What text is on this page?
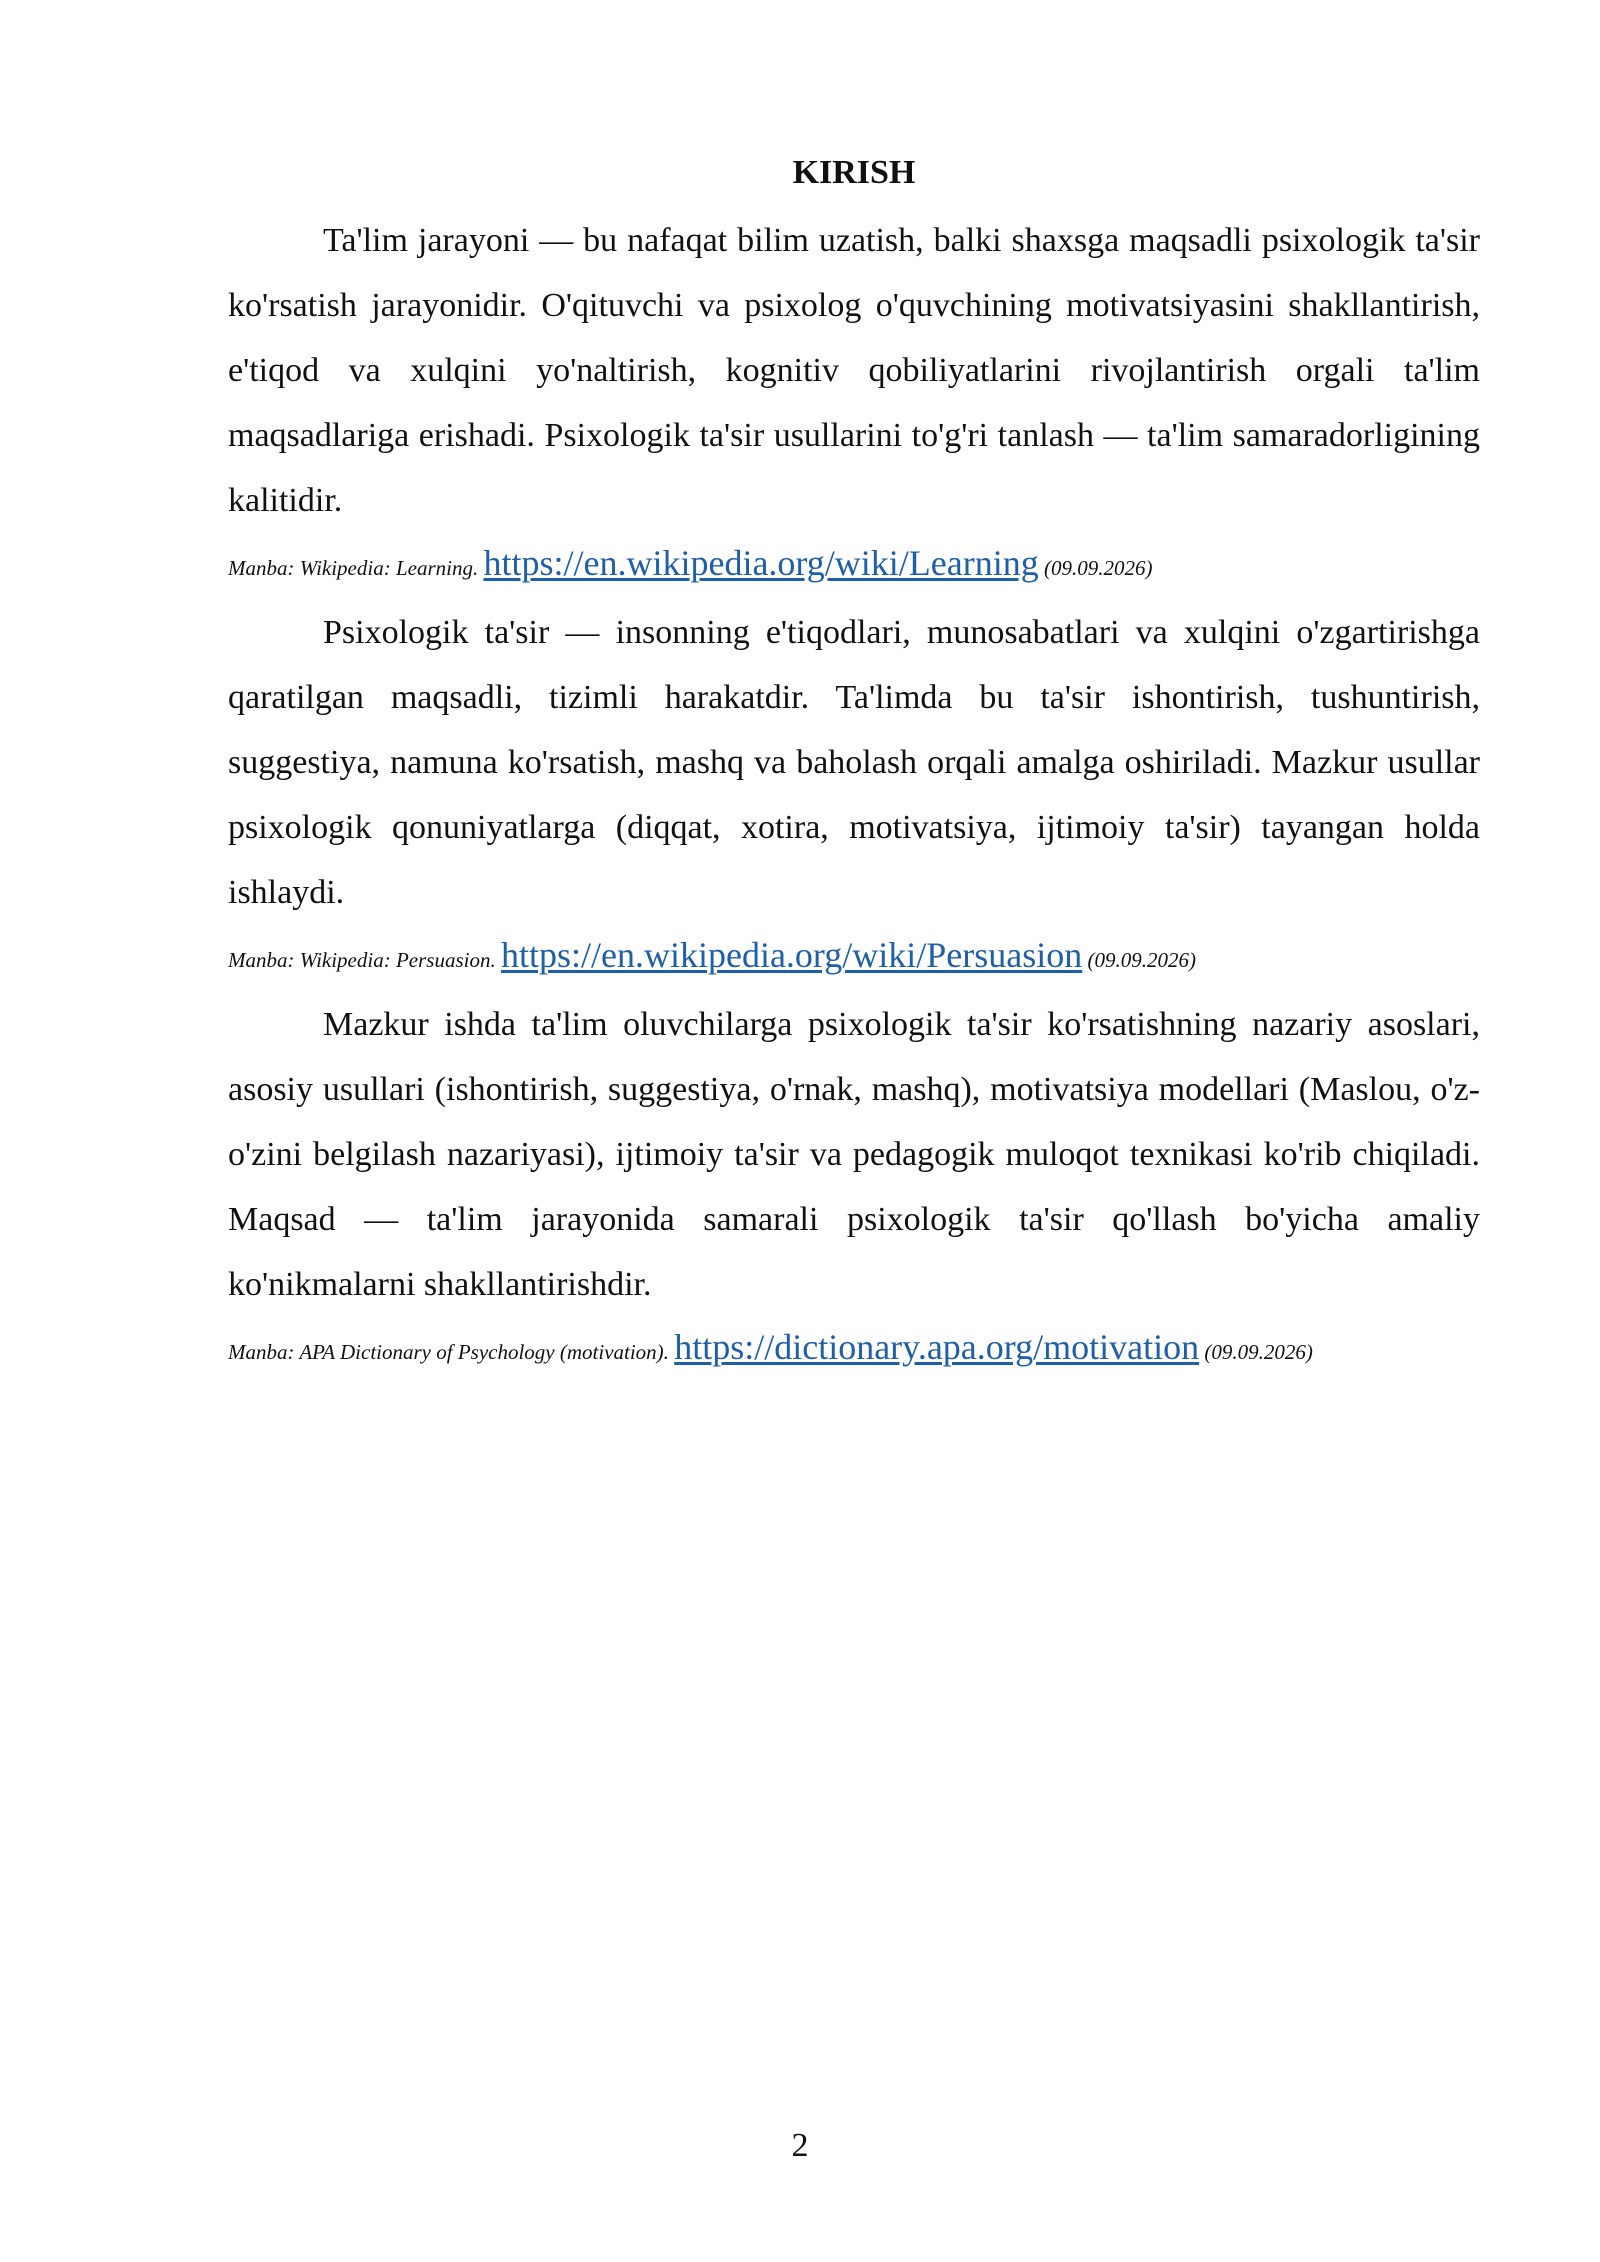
KIRISH

Ta'lim jarayoni — bu nafaqat bilim uzatish, balki shaxsga maqsadli psixologik ta'sir ko'rsatish jarayonidir. O'qituvchi va psixolog o'quvchining motivatsiyasini shakllantirish, e'tiqod va xulqini yo'naltirish, kognitiv qobiliyatlarini rivojlantirish orgali ta'lim maqsadlariga erishadi. Psixologik ta'sir usullarini to'g'ri tanlash — ta'lim samaradorligining kalitidir.

Manba: Wikipedia: Learning. https://en.wikipedia.org/wiki/Learning (09.09.2026)

Psixologik ta'sir — insonning e'tiqodlari, munosabatlari va xulqini o'zgartirishga qaratilgan maqsadli, tizimli harakatdir. Ta'limda bu ta'sir ishontirish, tushuntirish, suggestiya, namuna ko'rsatish, mashq va baholash orqali amalga oshiriladi. Mazkur usullar psixologik qonuniyatlarga (diqqat, xotira, motivatsiya, ijtimoiy ta'sir) tayangan holda ishlaydi.

Manba: Wikipedia: Persuasion. https://en.wikipedia.org/wiki/Persuasion (09.09.2026)

Mazkur ishda ta'lim oluvchilarga psixologik ta'sir ko'rsatishning nazariy asoslari, asosiy usullari (ishontirish, suggestiya, o'rnak, mashq), motivatsiya modellari (Maslou, o'z-o'zini belgilash nazariyasi), ijtimoiy ta'sir va pedagogik muloqot texnikasi ko'rib chiqiladi. Maqsad — ta'lim jarayonida samarali psixologik ta'sir qo'llash bo'yicha amaliy ko'nikmalarni shakllantirishdir.

Manba: APA Dictionary of Psychology (motivation). https://dictionary.apa.org/motivation (09.09.2026)
2
